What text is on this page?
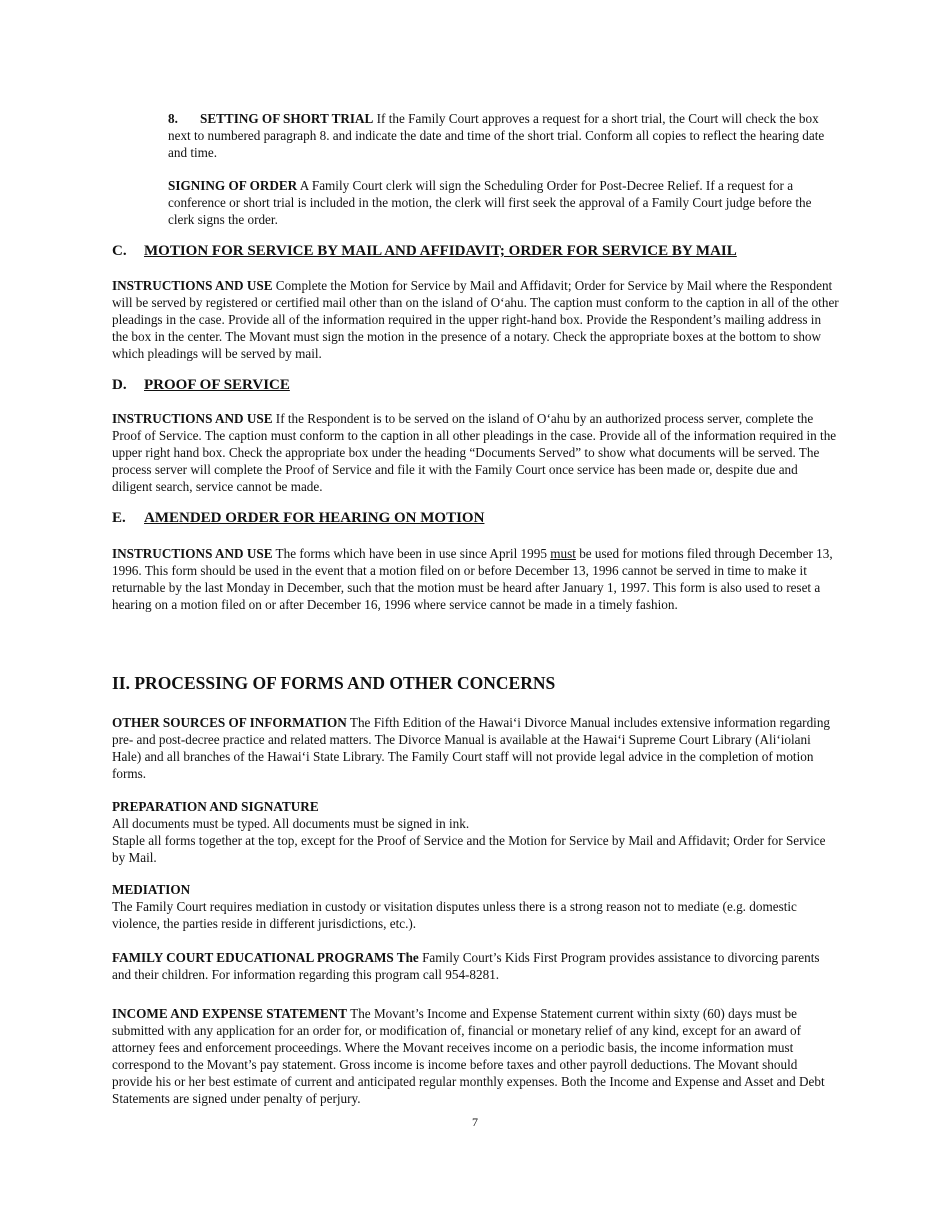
8. SETTING OF SHORT TRIAL If the Family Court approves a request for a short trial, the Court will check the box next to numbered paragraph 8. and indicate the date and time of the short trial. Conform all copies to reflect the hearing date and time.

SIGNING OF ORDER A Family Court clerk will sign the Scheduling Order for Post-Decree Relief. If a request for a conference or short trial is included in the motion, the clerk will first seek the approval of a Family Court judge before the clerk signs the order.

C. MOTION FOR SERVICE BY MAIL AND AFFIDAVIT; ORDER FOR SERVICE BY MAIL

INSTRUCTIONS AND USE Complete the Motion for Service by Mail and Affidavit; Order for Service by Mail where the Respondent will be served by registered or certified mail other than on the island of O‘ahu. The caption must conform to the caption in all of the other pleadings in the case. Provide all of the information required in the upper right-hand box. Provide the Respondent’s mailing address in the box in the center. The Movant must sign the motion in the presence of a notary. Check the appropriate boxes at the bottom to show which pleadings will be served by mail.

D. PROOF OF SERVICE

INSTRUCTIONS AND USE If the Respondent is to be served on the island of O‘ahu by an authorized process server, complete the Proof of Service. The caption must conform to the caption in all other pleadings in the case. Provide all of the information required in the upper right hand box. Check the appropriate box under the heading “Documents Served” to show what documents will be served. The process server will complete the Proof of Service and file it with the Family Court once service has been made or, despite due and diligent search, service cannot be made.

E. AMENDED ORDER FOR HEARING ON MOTION

INSTRUCTIONS AND USE The forms which have been in use since April 1995 must be used for motions filed through December 13, 1996. This form should be used in the event that a motion filed on or before December 13, 1996 cannot be served in time to make it returnable by the last Monday in December, such that the motion must be heard after January 1, 1997. This form is also used to reset a hearing on a motion filed on or after December 16, 1996 where service cannot be made in a timely fashion.

II. PROCESSING OF FORMS AND OTHER CONCERNS

OTHER SOURCES OF INFORMATION The Fifth Edition of the Hawai‘i Divorce Manual includes extensive information regarding pre- and post-decree practice and related matters. The Divorce Manual is available at the Hawai‘i Supreme Court Library (Ali‘iolani Hale) and all branches of the Hawai‘i State Library. The Family Court staff will not provide legal advice in the completion of motion forms.

PREPARATION AND SIGNATURE

All documents must be typed. All documents must be signed in ink.

Staple all forms together at the top, except for the Proof of Service and the Motion for Service by Mail and Affidavit; Order for Service by Mail.

MEDIATION

The Family Court requires mediation in custody or visitation disputes unless there is a strong reason not to mediate (e.g. domestic violence, the parties reside in different jurisdictions, etc.).

FAMILY COURT EDUCATIONAL PROGRAMS The Family Court’s Kids First Program provides assistance to divorcing parents and their children. For information regarding this program call 954-8281.

INCOME AND EXPENSE STATEMENT The Movant’s Income and Expense Statement current within sixty (60) days must be submitted with any application for an order for, or modification of, financial or monetary relief of any kind, except for an award of attorney fees and enforcement proceedings. Where the Movant receives income on a periodic basis, the income information must correspond to the Movant’s pay statement. Gross income is income before taxes and other payroll deductions. The Movant should provide his or her best estimate of current and anticipated regular monthly expenses. Both the Income and Expense and Asset and Debt Statements are signed under penalty of perjury.

7
